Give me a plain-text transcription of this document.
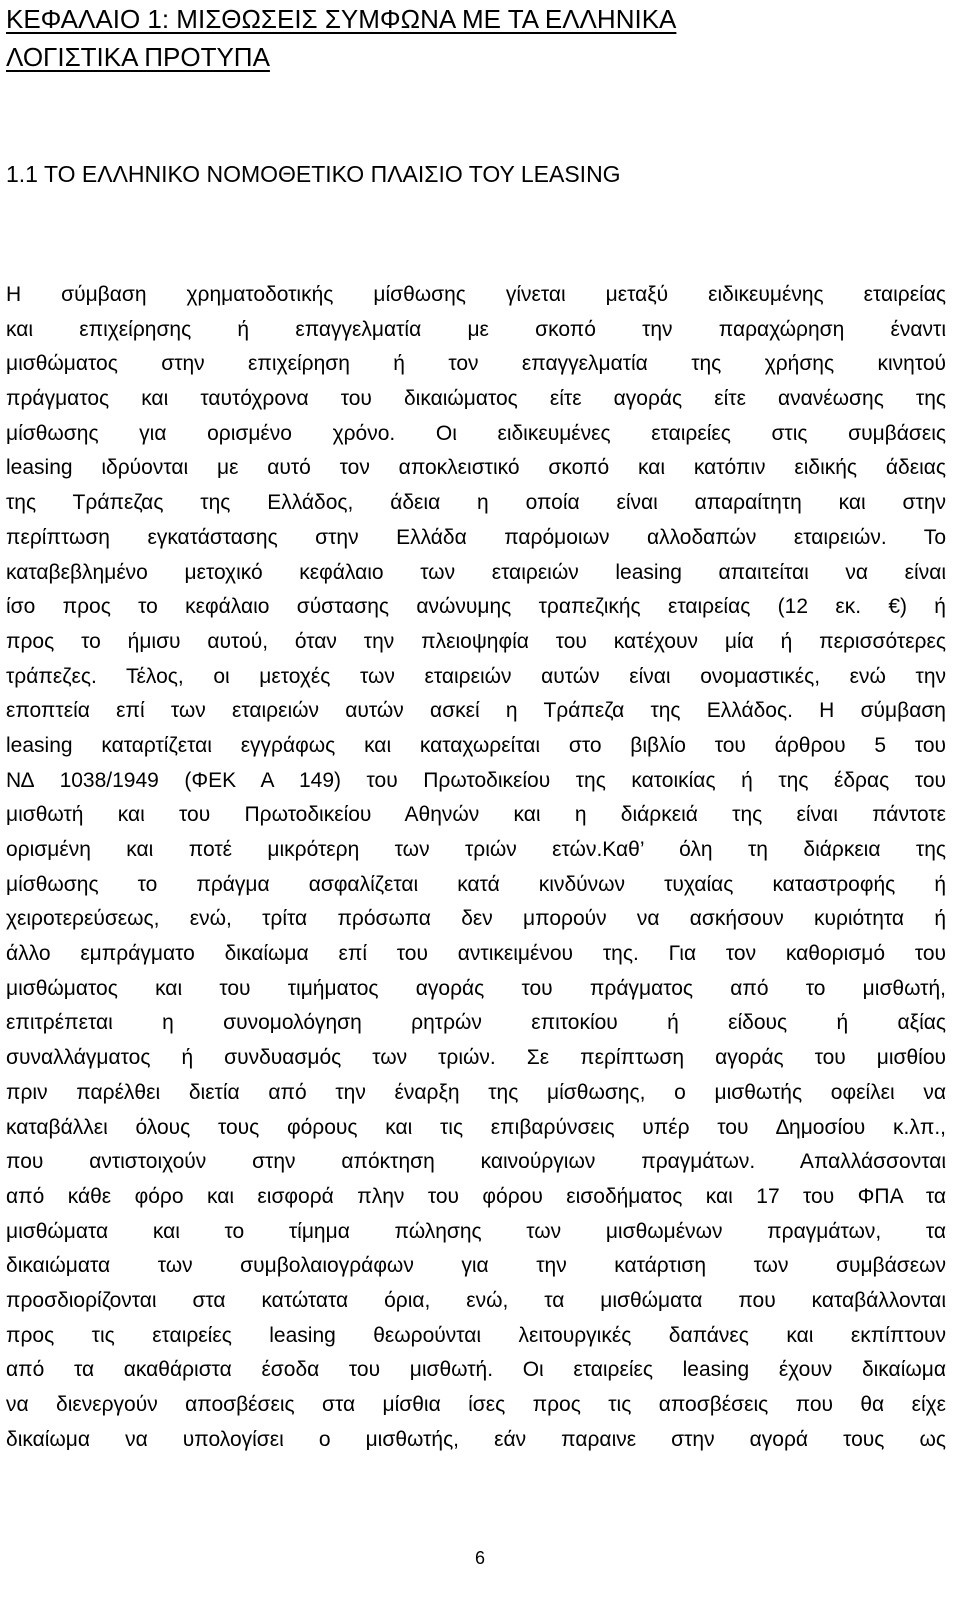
ΚΕΦΑΛΑΙΟ 1: ΜΙΣΘΩΣΕΙΣ ΣΥΜΦΩΝΑ ΜΕ ΤΑ ΕΛΛΗΝΙΚΑ
ΛΟΓΙΣΤΙΚΑ ΠΡΟΤΥΠΑ
1.1 ΤΟ ΕΛΛΗΝΙΚΟ ΝΟΜΟΘΕΤΙΚΟ ΠΛΑΙΣΙΟ ΤΟΥ LEASING
Η σύμβαση χρηματοδοτικής μίσθωσης γίνεται μεταξύ ειδικευμένης εταιρείας
και επιχείρησης ή επαγγελματία με σκοπό την παραχώρηση έναντι
μισθώματος στην επιχείρηση ή τον επαγγελματία της χρήσης κινητού
πράγματος και ταυτόχρονα του δικαιώματος είτε αγοράς είτε ανανέωσης της
μίσθωσης για ορισμένο χρόνο. Οι ειδικευμένες εταιρείες στις συμβάσεις
leasing ιδρύονται με αυτό τον αποκλειστικό σκοπό και κατόπιν ειδικής άδειας
της Τράπεζας της Ελλάδος, άδεια η οποία είναι απαραίτητη και στην
περίπτωση εγκατάστασης στην Ελλάδα παρόμοιων αλλοδαπών εταιρειών. Το
καταβεβλημένο μετοχικό κεφάλαιο των εταιρειών leasing απαιτείται να είναι
ίσο προς το κεφάλαιο σύστασης ανώνυμης τραπεζικής εταιρείας (12 εκ. €) ή
προς το ήμισυ αυτού, όταν την πλειοψηφία του κατέχουν μία ή περισσότερες
τράπεζες. Τέλος, οι μετοχές των εταιρειών αυτών είναι ονομαστικές, ενώ την
εποπτεία επί των εταιρειών αυτών ασκεί η Τράπεζα της Ελλάδος. Η σύμβαση
leasing καταρτίζεται εγγράφως και καταχωρείται στο βιβλίο του άρθρου 5 του
Ν∆ 1038/1949 (ΦΕΚ Α 149) του Πρωτοδικείου της κατοικίας ή της έδρας του
μισθωτή και του Πρωτοδικείου Αθηνών και η διάρκειά της είναι πάντοτε
ορισμένη και ποτέ μικρότερη των τριών ετών.Καθ’ όλη τη διάρκεια της
μίσθωσης το πράγμα ασφαλίζεται κατά κινδύνων τυχαίας καταστροφής ή
χειροτερεύσεως, ενώ, τρίτα πρόσωπα δεν μπορούν να ασκήσουν κυριότητα ή
άλλο εμπράγματο δικαίωμα επί του αντικειμένου της. Για τον καθορισμό του
μισθώματος και του τιμήματος αγοράς του πράγματος από το μισθωτή,
επιτρέπεται η συνομολόγηση ρητρών επιτοκίου ή είδους ή αξίας
συναλλάγματος ή συνδυασμός των τριών. Σε περίπτωση αγοράς του μισθίου
πριν παρέλθει διετία από την έναρξη της μίσθωσης, ο μισθωτής οφείλει να
καταβάλλει όλους τους φόρους και τις επιβαρύνσεις υπέρ του ∆ημοσίου κ.λπ.,
που αντιστοιχούν στην απόκτηση καινούργιων πραγμάτων. Απαλλάσσονται
από κάθε φόρο και εισφορά πλην του φόρου εισοδήματος και 17 του ΦΠΑ τα
μισθώματα και το τίμημα πώλησης των μισθωμένων πραγμάτων, τα
δικαιώματα των συμβολαιογράφων για την κατάρτιση των συμβάσεων
προσδιορίζονται στα κατώτατα όρια, ενώ, τα μισθώματα που καταβάλλονται
προς τις εταιρείες leasing θεωρούνται λειτουργικές δαπάνες και εκπίπτουν
από τα ακαθάριστα έσοδα του μισθωτή. Οι εταιρείες leasing έχουν δικαίωμα
να διενεργούν αποσβέσεις στα μίσθια ίσες προς τις αποσβέσεις που θα είχε
δικαίωμα να υπολογίσει ο μισθωτής, εάν παραινε στην αγορά τους ως
6
